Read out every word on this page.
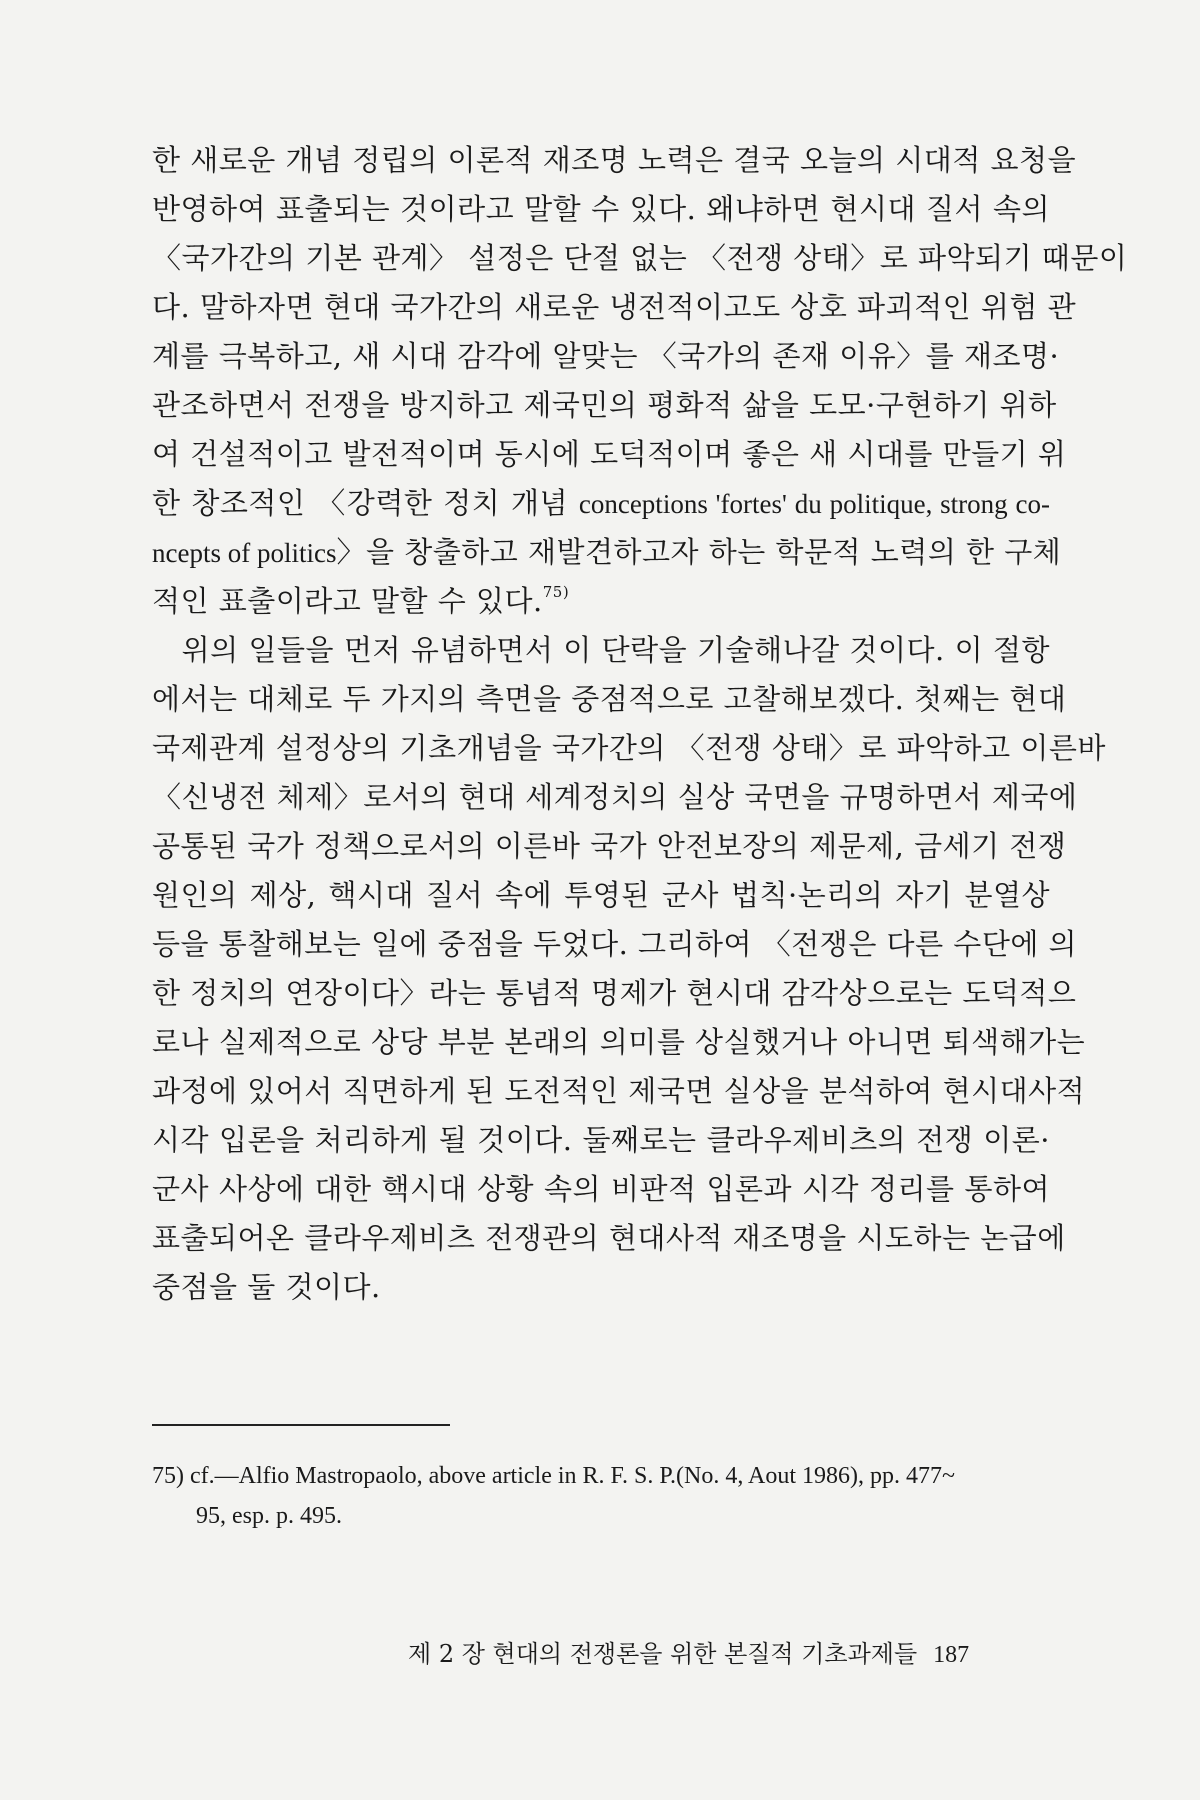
한 새로운 개념 정립의 이론적 재조명 노력은 결국 오늘의 시대적 요청을
반영하여 표출되는 것이라고 말할 수 있다. 왜냐하면 현시대 질서 속의
〈국가간의 기본 관계〉 설정은 단절 없는 〈전쟁 상태〉로 파악되기 때문이
다. 말하자면 현대 국가간의 새로운 냉전적이고도 상호 파괴적인 위험 관
계를 극복하고, 새 시대 감각에 알맞는 〈국가의 존재 이유〉를 재조명·
관조하면서 전쟁을 방지하고 제국민의 평화적 삶을 도모·구현하기 위하
여 건설적이고 발전적이며 동시에 도덕적이며 좋은 새 시대를 만들기 위
한 창조적인 〈강력한 정치 개념 conceptions 'fortes' du politique, strong co-
ncepts of politics〉을 창출하고 재발견하고자 하는 학문적 노력의 한 구체
적인 표출이라고 말할 수 있다.$^{75)}$
　위의 일들을 먼저 유념하면서 이 단락을 기술해나갈 것이다. 이 절항
에서는 대체로 두 가지의 측면을 중점적으로 고찰해보겠다. 첫째는 현대
국제관계 설정상의 기초개념을 국가간의 〈전쟁 상태〉로 파악하고 이른바
〈신냉전 체제〉로서의 현대 세계정치의 실상 국면을 규명하면서 제국에
공통된 국가 정책으로서의 이른바 국가 안전보장의 제문제, 금세기 전쟁
원인의 제상, 핵시대 질서 속에 투영된 군사 법칙·논리의 자기 분열상
등을 통찰해보는 일에 중점을 두었다. 그리하여 〈전쟁은 다른 수단에 의
한 정치의 연장이다〉라는 통념적 명제가 현시대 감각상으로는 도덕적으
로나 실제적으로 상당 부분 본래의 의미를 상실했거나 아니면 퇴색해가는
과정에 있어서 직면하게 된 도전적인 제국면 실상을 분석하여 현시대사적
시각 입론을 처리하게 될 것이다. 둘째로는 클라우제비츠의 전쟁 이론·
군사 사상에 대한 핵시대 상황 속의 비판적 입론과 시각 정리를 통하여
표출되어온 클라우제비츠 전쟁관의 현대사적 재조명을 시도하는 논급에
중점을 둘 것이다.
75) cf.—Alfio Mastropaolo, above article in R. F. S. P.(No. 4, Aout 1986), pp. 477~
95, esp. p. 495.
제 2 장 현대의 전쟁론을 위한 본질적 기초과제들 187
